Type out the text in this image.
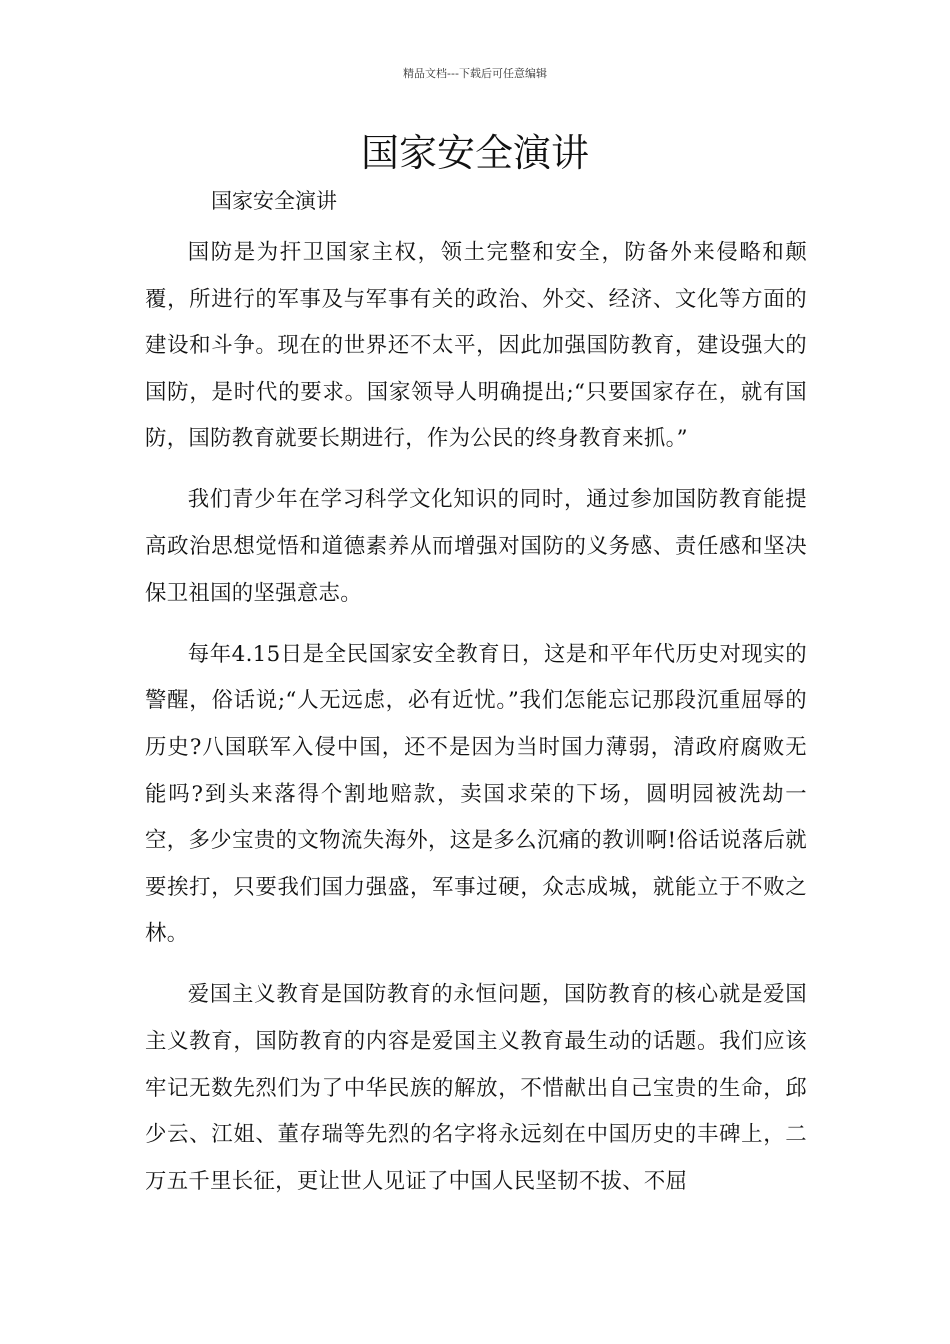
精品文档---下载后可任意编辑
国家安全演讲
国家安全演讲

国防是为扞卫国家主权，领土完整和安全，防备外来侵略和颠覆，所进行的军事及与军事有关的政治、外交、经济、文化等方面的建设和斗争。现在的世界还不太平，因此加强国防教育，建设强大的国防，是时代的要求。国家领导人明确提出;“只要国家存在，就有国防，国防教育就要长期进行，作为公民的终身教育来抓。”

我们青少年在学习科学文化知识的同时，通过参加国防教育能提高政治思想觉悟和道德素养从而增强对国防的义务感、责任感和坚决保卫祖国的坚强意志。

每年4.15日是全民国家安全教育日，这是和平年代历史对现实的警醒，俗话说;“人无远虑，必有近忧。”我们怎能忘记那段沉重屈辱的历史?八国联军入侵中国，还不是因为当时国力薄弱，清政府腐败无能吗?到头来落得个割地赔款，卖国求荣的下场，圆明园被洗劫一空，多少宝贵的文物流失海外，这是多么沉痛的教训啊!俗话说落后就要挨打，只要我们国力强盛，军事过硬，众志成城，就能立于不败之林。

爱国主义教育是国防教育的永恒问题，国防教育的核心就是爱国主义教育，国防教育的内容是爱国主义教育最生动的话题。我们应该牢记无数先烈们为了中华民族的解放，不惜献出自己宝贵的生命，邱少云、江姐、董存瑞等先烈的名字将永远刻在中国历史的丰碑上，二万五千里长征，更让世人见证了中国人民坚韧不拔、不屈
